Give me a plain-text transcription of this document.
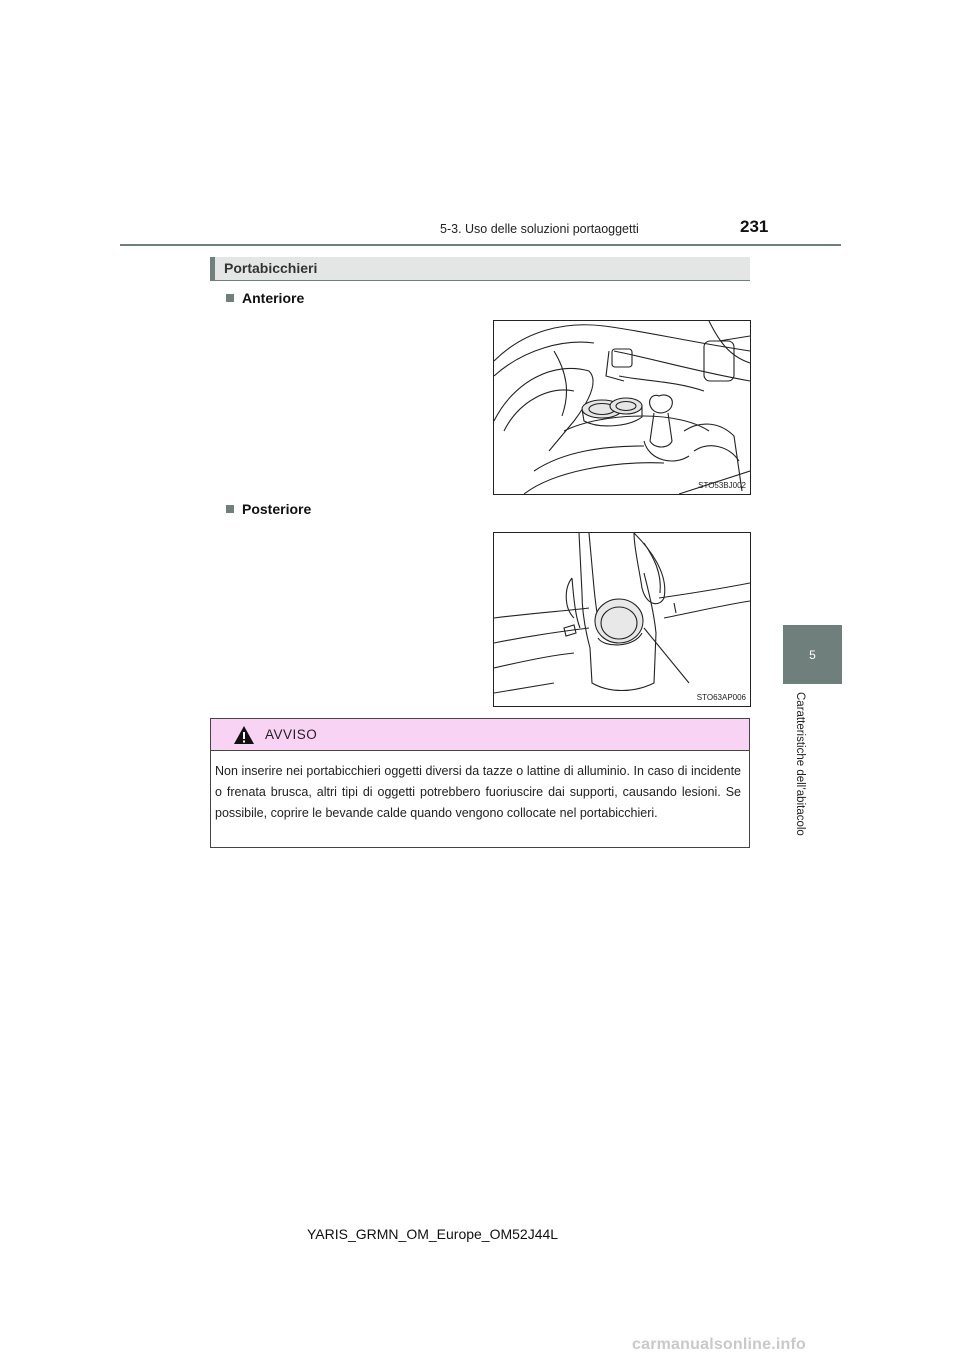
5-3. Uso delle soluzioni portaoggetti	231
5
Caratteristiche dell’abitacolo
Portabicchieri
Anteriore
STO53BJ002
Posteriore
STO63AP006
AVVISO
Non inserire nei portabicchieri oggetti diversi da tazze o lattine di alluminio. In caso di incidente o frenata brusca, altri tipi di oggetti potrebbero fuoriuscire dai supporti, causando lesioni. Se possibile, coprire le bevande calde quando vengono collocate nel portabicchieri.
YARIS_GRMN_OM_Europe_OM52J44L
carmanualsonline.info
